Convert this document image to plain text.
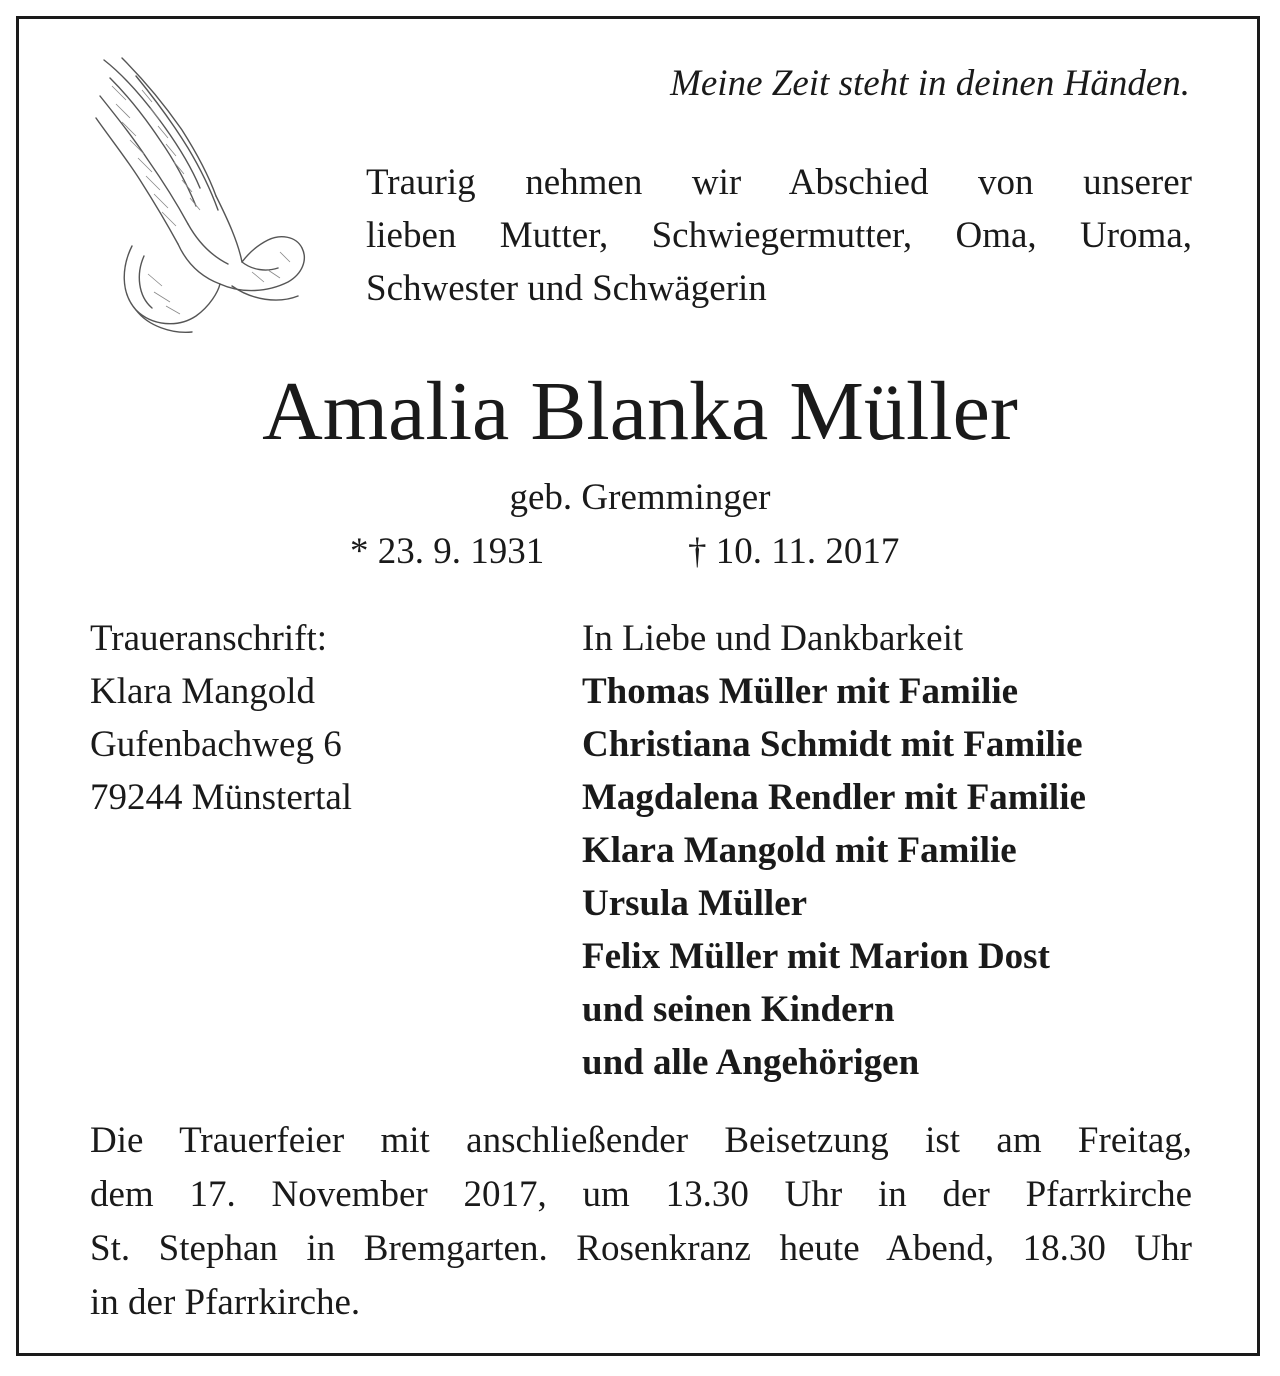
Meine Zeit steht in deinen Händen.
Traurig nehmen wir Abschied von unserer
lieben Mutter, Schwiegermutter, Oma, Uroma,
Schwester und Schwägerin
Amalia Blanka Müller
geb. Gremminger
* 23. 9. 1931	† 10. 11. 2017
Traueranschrift:
Klara Mangold
Gufenbachweg 6
79244 Münstertal
In Liebe und Dankbarkeit
Thomas Müller mit Familie
Christiana Schmidt mit Familie
Magdalena Rendler mit Familie
Klara Mangold mit Familie
Ursula Müller
Felix Müller mit Marion Dost
und seinen Kindern
und alle Angehörigen
Die Trauerfeier mit anschließender Beisetzung ist am Freitag,
dem 17. November 2017, um 13.30 Uhr in der Pfarrkirche
St. Stephan in Bremgarten. Rosenkranz heute Abend, 18.30 Uhr
in der Pfarrkirche.
